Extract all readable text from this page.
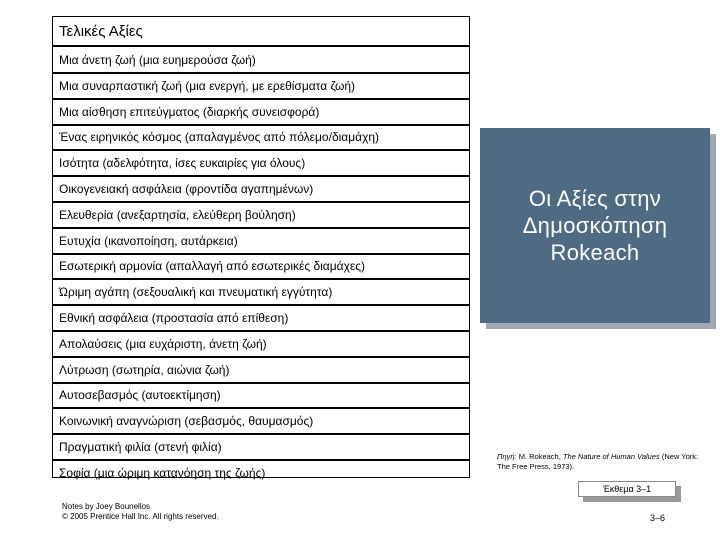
Τελικές Αξίες
Μια άνετη ζωή (μια ευημερούσα ζωή)
Μια συναρπαστική ζωή (μια ενεργή, με ερεθίσματα ζωή)
Μια αίσθηση επιτεύγματος (διαρκής συνεισφορά)
Ένας ειρηνικός κόσμος (απαλαγμένος από πόλεμο/διαμάχη)
Ισότητα (αδελφότητα, ίσες ευκαιρίες για όλους)
Οικογενειακή ασφάλεια (φροντίδα αγαπημένων)
Ελευθερία (ανεξαρτησία, ελεύθερη βούληση)
Ευτυχία (ικανοποίηση, αυτάρκεια)
Εσωτερική αρμονία (απαλλαγή από εσωτερικές διαμάχες)
Ώριμη αγάπη (σεξουαλική και πνευματική εγγύτητα)
Εθνική ασφάλεια (προστασία από επίθεση)
Απολαύσεις (μια ευχάριστη, άνετη ζωή)
Λύτρωση (σωτηρία, αιώνια ζωή)
Αυτοσεβασμός (αυτοεκτίμηση)
Κοινωνική αναγνώριση (σεβασμός, θαυμασμός)
Πραγματική φιλία (στενή φιλία)
Σοφία (μια ώριμη κατανόηση της ζωής)
Οι Αξίες στην
Δημοσκόπηση
Rokeach
Πηγή: M. Rokeach, The Nature of Human Values (New York: The Free Press, 1973).
Έκθεμα 3–1
Notes by Joey Bounellos
© 2005 Prentice Hall Inc. All rights reserved.	3–6
